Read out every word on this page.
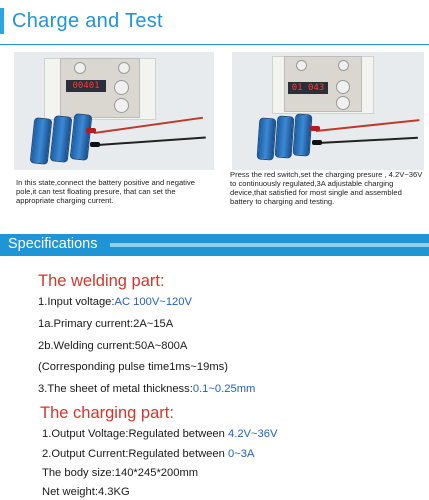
Charge and Test
00401	01 043
In this state,connect the battery positive and negative pole,it can test floating presure, that can set the appropriate charging current.
Press the red switch,set the charging presure , 4.2V~36V to continuously regulated,3A adjustable charging device,that satisfied for most single and assembled battery to charging and testing.
Specifications
The welding part:
1.Input voltage:AC 100V~120V
1a.Primary current:2A~15A
2b.Welding current:50A~800A
(Corresponding pulse time1ms~19ms)
3.The sheet of metal thickness:0.1~0.25mm
The charging part:
1.Output Voltage:Regulated between 4.2V~36V
2.Output Current:Regulated between 0~3A
The body size:140*245*200mm
Net weight:4.3KG
